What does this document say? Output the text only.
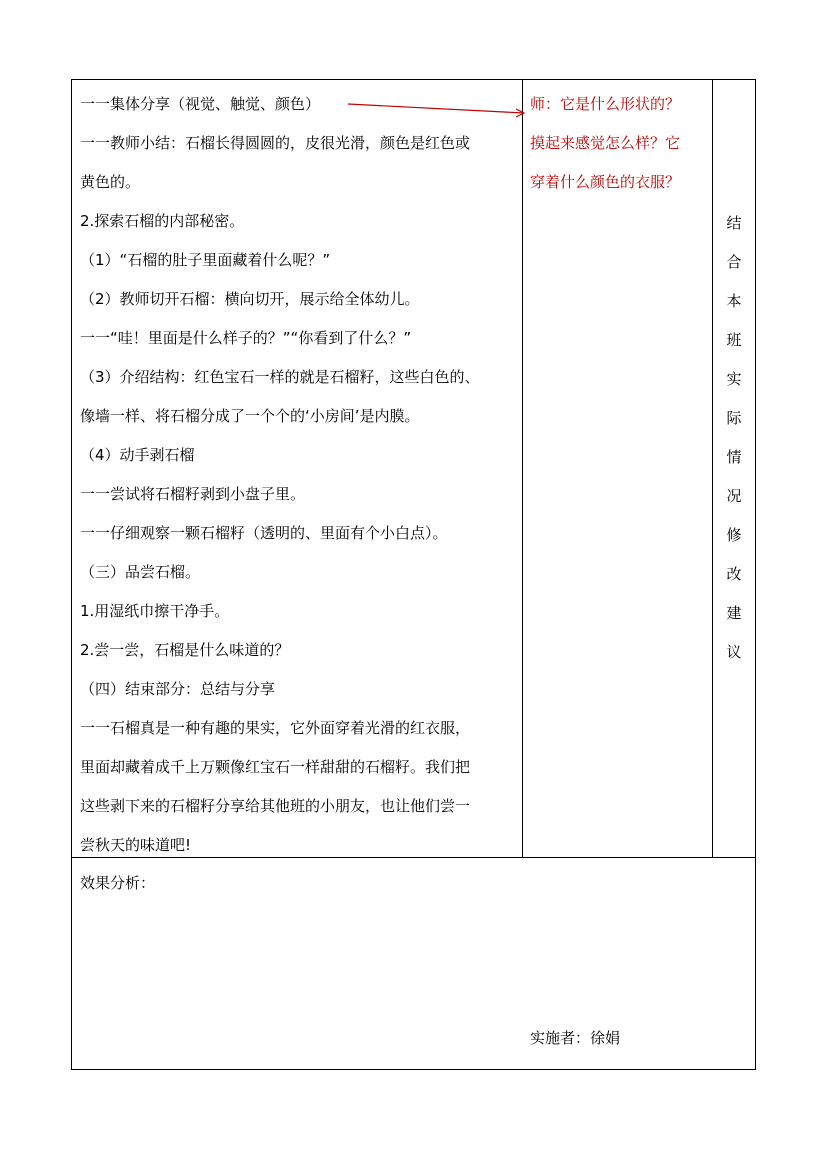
一一集体分享（视觉、触觉、颜色）
一一教师小结：石榴长得圆圆的，皮很光滑，颜色是红色或
黄色的。
2.探索石榴的内部秘密。
（1）“石榴的肚子里面藏着什么呢？”
（2）教师切开石榴：横向切开，展示给全体幼儿。
一一“哇！里面是什么样子的？”“你看到了什么？”
（3）介绍结构：红色宝石一样的就是石榴籽，这些白色的、
像墙一样、将石榴分成了一个个的‘小房间’是内膜。
（4）动手剥石榴
一一尝试将石榴籽剥到小盘子里。
一一仔细观察一颗石榴籽（透明的、里面有个小白点）。
（三）品尝石榴。
1.用湿纸巾擦干净手。
2.尝一尝，石榴是什么味道的？
（四）结束部分：总结与分享
一一石榴真是一种有趣的果实，它外面穿着光滑的红衣服，
里面却藏着成千上万颗像红宝石一样甜甜的石榴籽。我们把
这些剥下来的石榴籽分享给其他班的小朋友，也让他们尝一
尝秋天的味道吧!
师：它是什么形状的？
摸起来感觉怎么样？它
穿着什么颜色的衣服？
结
合
本
班
实
际
情
况
修
改
建
议
效果分析：
实施者：徐娟
